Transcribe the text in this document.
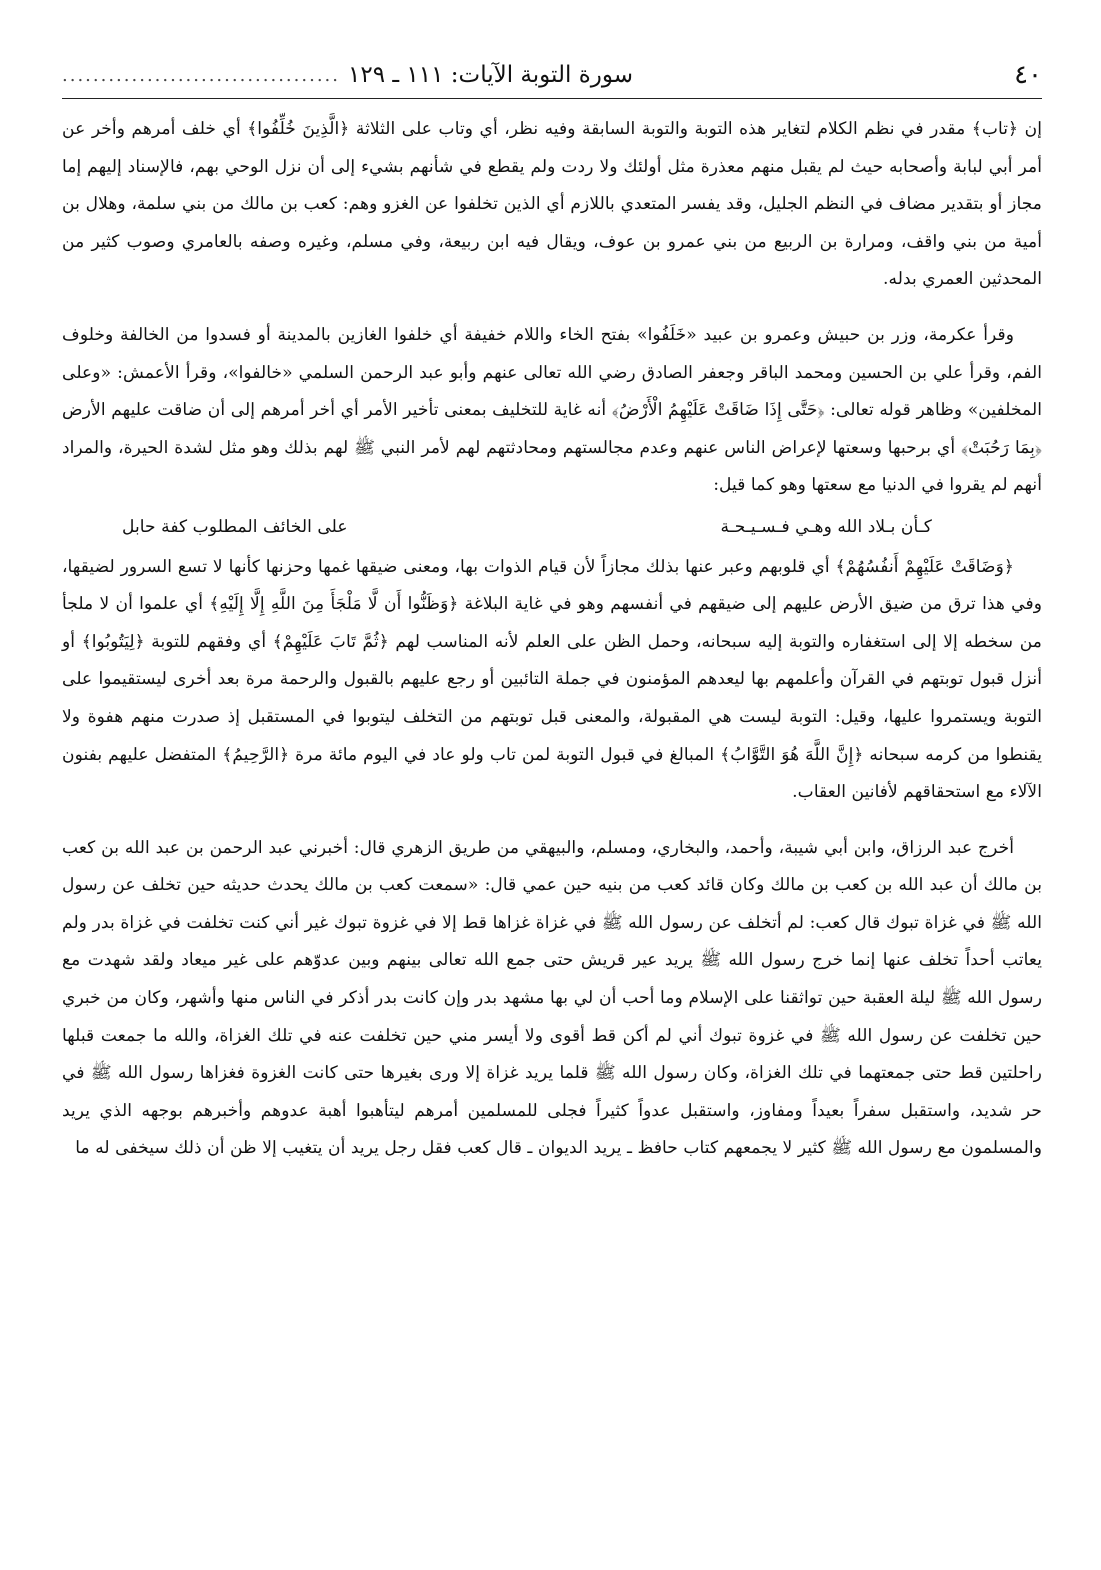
٤٠
سورة التوبة الآيات: ١١١ ـ ١٢٩
....................................

إن ﴿تاب﴾ مقدر في نظم الكلام لتغاير هذه التوبة والتوبة السابقة وفيه نظر، أي وتاب على الثلاثة ﴿الَّذِينَ خُلِّفُوا﴾ أي خلف أمرهم وأخر عن أمر أبي لبابة وأصحابه حيث لم يقبل منهم معذرة مثل أولئك ولا ردت ولم يقطع في شأنهم بشيء إلى أن نزل الوحي بهم، فالإسناد إليهم إما مجاز أو بتقدير مضاف في النظم الجليل، وقد يفسر المتعدي باللازم أي الذين تخلفوا عن الغزو وهم: كعب بن مالك من بني سلمة، وهلال بن أمية من بني واقف، ومرارة بن الربيع من بني عمرو بن عوف، ويقال فيه ابن ربيعة، وفي مسلم، وغيره وصفه بالعامري وصوب كثير من المحدثين العمري بدله.

وقرأ عكرمة، وزر بن حبيش وعمرو بن عبيد «خَلَفُوا» بفتح الخاء واللام خفيفة أي خلفوا الغازين بالمدينة أو فسدوا من الخالفة وخلوف الفم، وقرأ علي بن الحسين ومحمد الباقر وجعفر الصادق رضي الله تعالى عنهم وأبو عبد الرحمن السلمي «خالفوا»، وقرأ الأعمش: «وعلى المخلفين» وظاهر قوله تعالى: ﴿حَتَّى إِذَا ضَاقَتْ عَلَيْهِمُ الْأَرْضُ﴾ أنه غاية للتخليف بمعنى تأخير الأمر أي أخر أمرهم إلى أن ضاقت عليهم الأرض ﴿بِمَا رَحُبَتْ﴾ أي برحبها وسعتها لإعراض الناس عنهم وعدم مجالستهم ومحادثتهم لهم لأمر النبي ﷺ لهم بذلك وهو مثل لشدة الحيرة، والمراد أنهم لم يقروا في الدنيا مع سعتها وهو كما قيل:

كـأن بـلاد الله وهـي فـسـيـحـة
على الخائف المطلوب كفة حابل

﴿وَضَاقَتْ عَلَيْهِمْ أَنفُسُهُمْ﴾ أي قلوبهم وعبر عنها بذلك مجازاً لأن قيام الذوات بها، ومعنى ضيقها غمها وحزنها كأنها لا تسع السرور لضيقها، وفي هذا ترق من ضيق الأرض عليهم إلى ضيقهم في أنفسهم وهو في غاية البلاغة ﴿وَظَنُّوا أَن لَّا مَلْجَأَ مِنَ اللَّهِ إِلَّا إِلَيْهِ﴾ أي علموا أن لا ملجأ من سخطه إلا إلى استغفاره والتوبة إليه سبحانه، وحمل الظن على العلم لأنه المناسب لهم ﴿ثُمَّ تَابَ عَلَيْهِمْ﴾ أي وفقهم للتوبة ﴿لِيَتُوبُوا﴾ أو أنزل قبول توبتهم في القرآن وأعلمهم بها ليعدهم المؤمنون في جملة التائبين أو رجع عليهم بالقبول والرحمة مرة بعد أخرى ليستقيموا على التوبة ويستمروا عليها، وقيل: التوبة ليست هي المقبولة، والمعنى قبل توبتهم من التخلف ليتوبوا في المستقبل إذ صدرت منهم هفوة ولا يقنطوا من كرمه سبحانه ﴿إِنَّ اللَّهَ هُوَ التَّوَّابُ﴾ المبالغ في قبول التوبة لمن تاب ولو عاد في اليوم مائة مرة ﴿الرَّحِيمُ﴾ المتفضل عليهم بفنون الآلاء مع استحقاقهم لأفانين العقاب.

أخرج عبد الرزاق، وابن أبي شيبة، وأحمد، والبخاري، ومسلم، والبيهقي من طريق الزهري قال: أخبرني عبد الرحمن بن عبد الله بن كعب بن مالك أن عبد الله بن كعب بن مالك وكان قائد كعب من بنيه حين عمي قال: «سمعت كعب بن مالك يحدث حديثه حين تخلف عن رسول الله ﷺ في غزاة تبوك قال كعب: لم أتخلف عن رسول الله ﷺ في غزاة غزاها قط إلا في غزوة تبوك غير أني كنت تخلفت في غزاة بدر ولم يعاتب أحداً تخلف عنها إنما خرج رسول الله ﷺ يريد عير قريش حتى جمع الله تعالى بينهم وبين عدوّهم على غير ميعاد ولقد شهدت مع رسول الله ﷺ ليلة العقبة حين تواثقنا على الإسلام وما أحب أن لي بها مشهد بدر وإن كانت بدر أذكر في الناس منها وأشهر، وكان من خبري حين تخلفت عن رسول الله ﷺ في غزوة تبوك أني لم أكن قط أقوى ولا أيسر مني حين تخلفت عنه في تلك الغزاة، والله ما جمعت قبلها راحلتين قط حتى جمعتهما في تلك الغزاة، وكان رسول الله ﷺ قلما يريد غزاة إلا ورى بغيرها حتى كانت الغزوة فغزاها رسول الله ﷺ في حر شديد، واستقبل سفراً بعيداً ومفاوز، واستقبل عدواً كثيراً فجلى للمسلمين أمرهم ليتأهبوا أهبة عدوهم وأخبرهم بوجهه الذي يريد والمسلمون مع رسول الله ﷺ كثير لا يجمعهم كتاب حافظ ـ يريد الديوان ـ قال كعب فقل رجل يريد أن يتغيب إلا ظن أن ذلك سيخفى له ما
